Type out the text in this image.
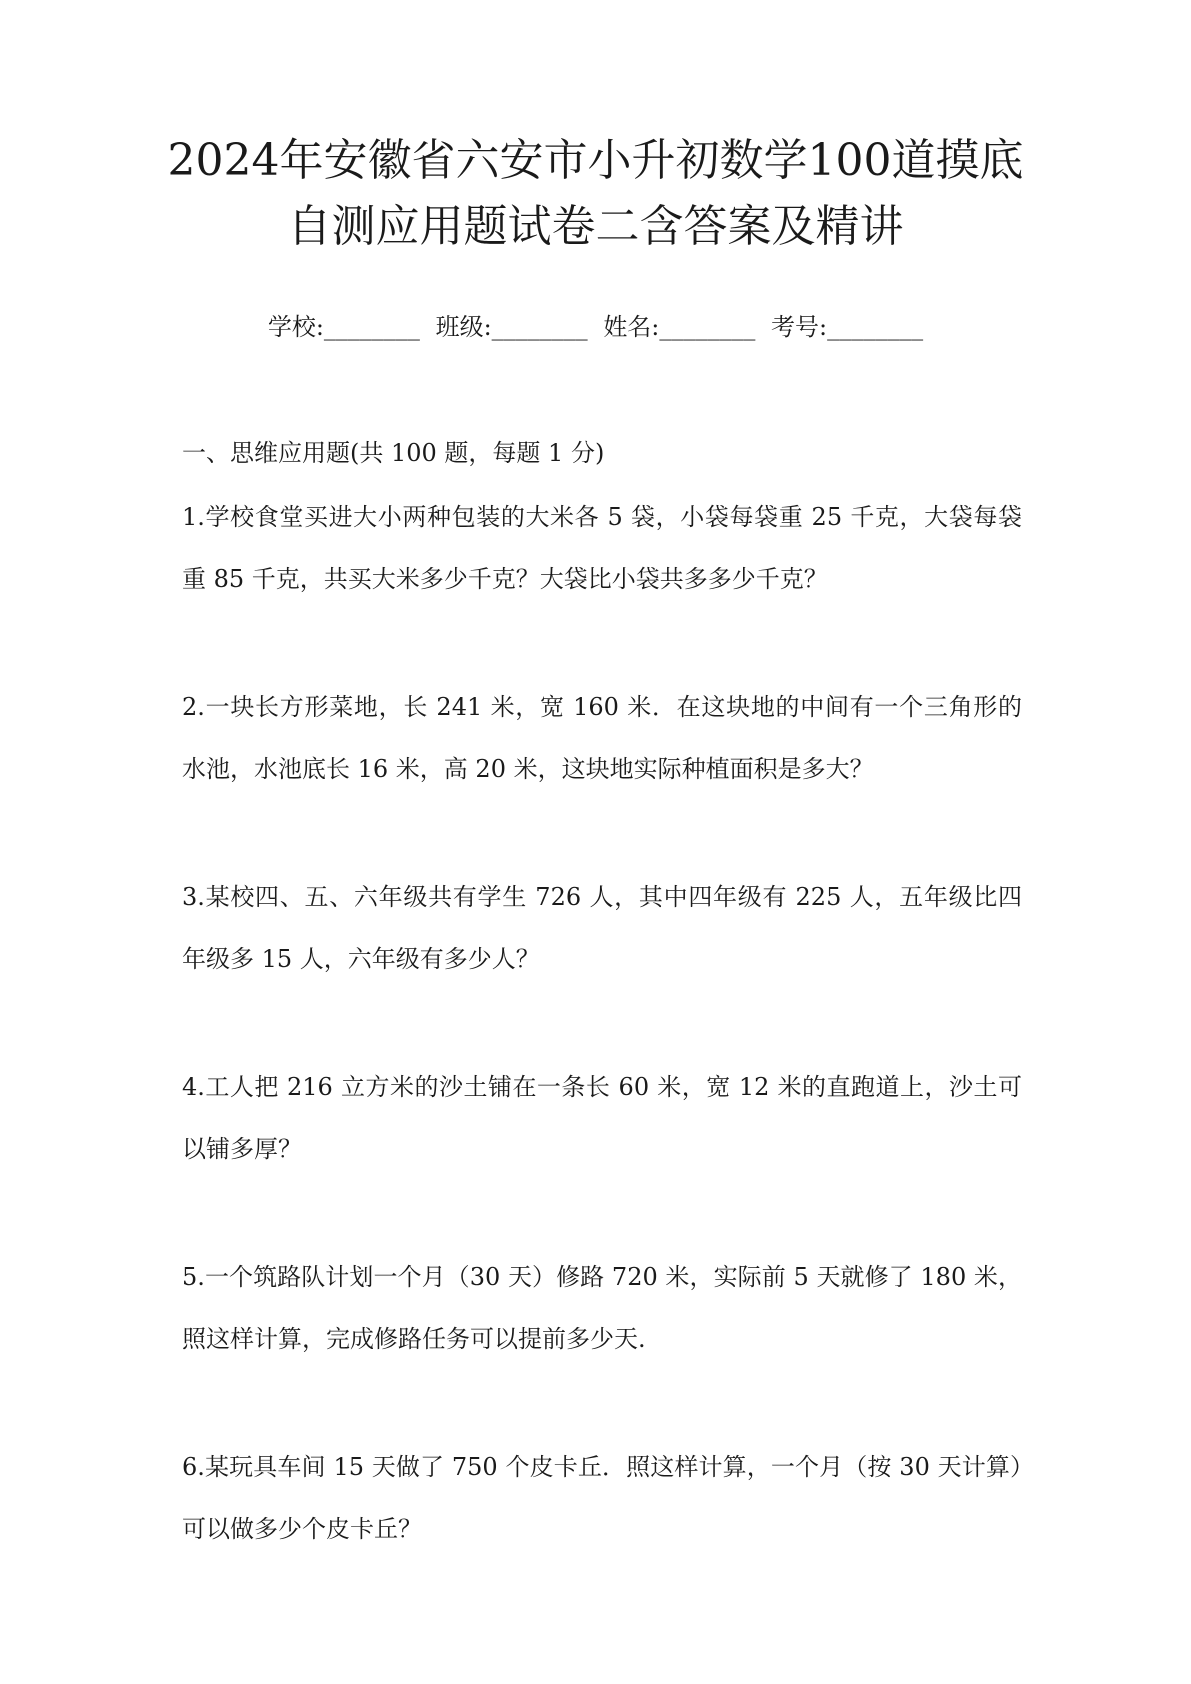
2024年安徽省六安市小升初数学100道摸底
自测应用题试卷二含答案及精讲
学校:________ 班级:________ 姓名:________ 考号:________
一、思维应用题(共 100 题，每题 1 分)

1.学校食堂买进大小两种包装的大米各 5 袋，小袋每袋重 25 千克，大袋每袋重 85 千克，共买大米多少千克？大袋比小袋共多多少千克？

2.一块长方形菜地，长 241 米，宽 160 米．在这块地的中间有一个三角形的水池，水池底长 16 米，高 20 米，这块地实际种植面积是多大？

3.某校四、五、六年级共有学生 726 人，其中四年级有 225 人，五年级比四年级多 15 人，六年级有多少人？

4.工人把 216 立方米的沙土铺在一条长 60 米，宽 12 米的直跑道上，沙土可以铺多厚？

5.一个筑路队计划一个月（30 天）修路 720 米，实际前 5 天就修了 180 米，照这样计算，完成修路任务可以提前多少天.

6.某玩具车间 15 天做了 750 个皮卡丘．照这样计算，一个月（按 30 天计算）可以做多少个皮卡丘？
